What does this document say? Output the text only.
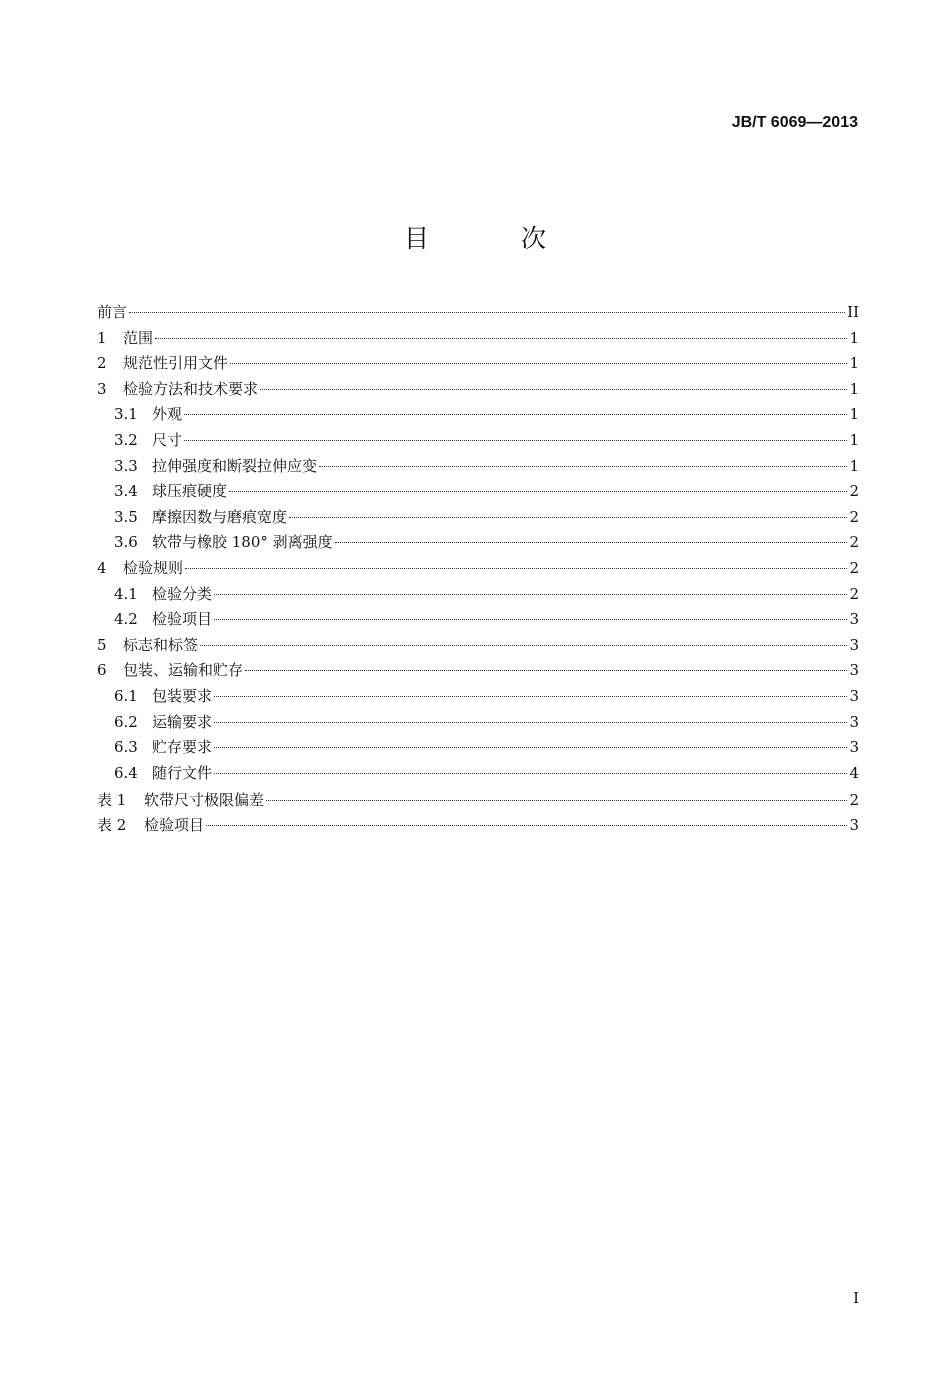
JB/T 6069—2013
目 次
前言	II
1	范围	1
2	规范性引用文件	1
3	检验方法和技术要求	1
3.1 外观	1
3.2 尺寸	1
3.3 拉伸强度和断裂拉伸应变	1
3.4 球压痕硬度	2
3.5 摩擦因数与磨痕宽度	2
3.6 软带与橡胶 180° 剥离强度	2
4	检验规则	2
4.1 检验分类	2
4.2 检验项目	3
5	标志和标签	3
6	包装、运输和贮存	3
6.1 包装要求	3
6.2 运输要求	3
6.3 贮存要求	3
6.4 随行文件	4
表 1	软带尺寸极限偏差	2
表 2	检验项目	3
I
